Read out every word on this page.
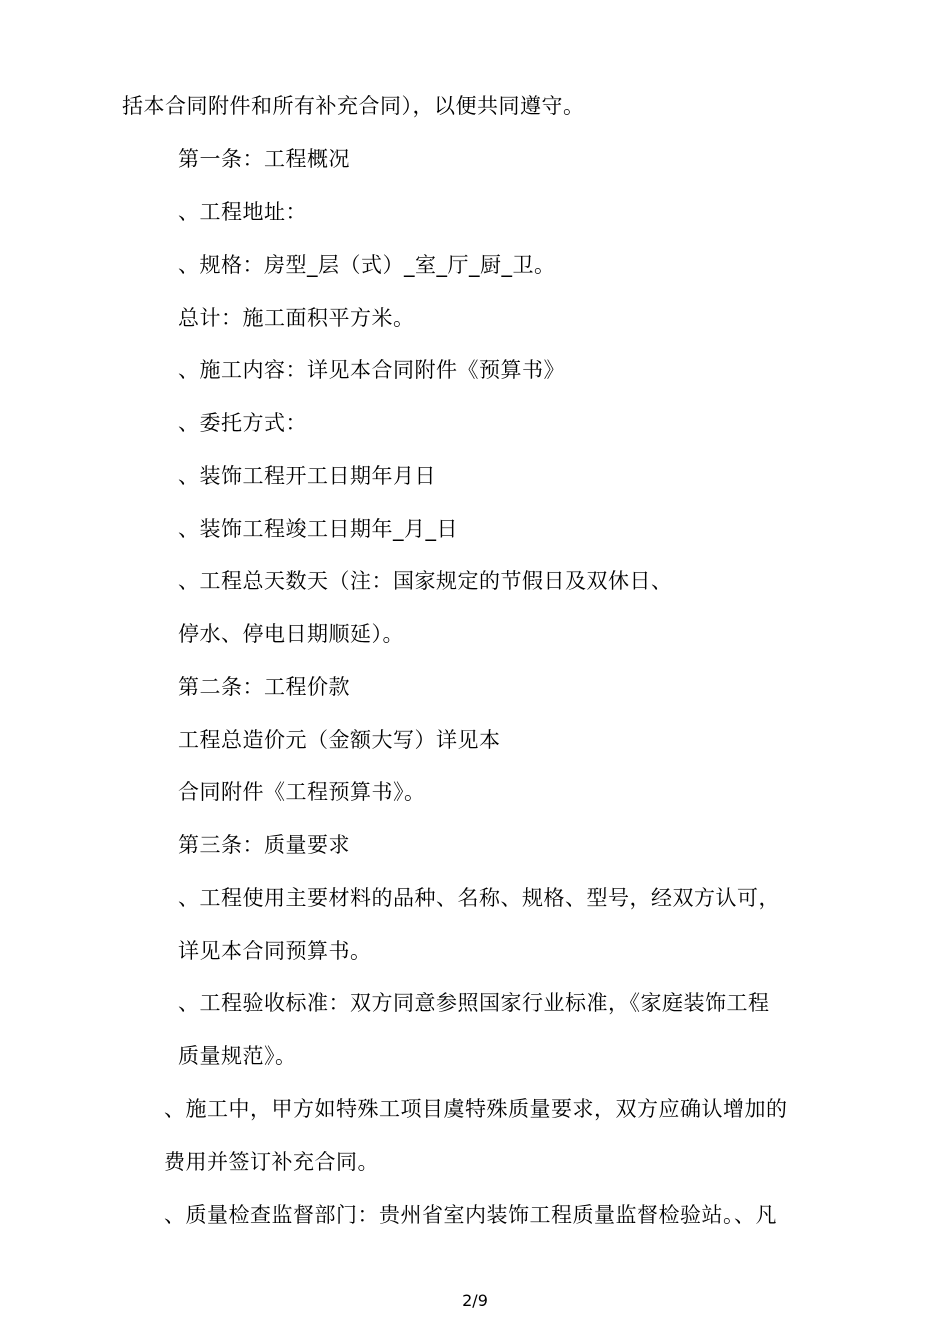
括本合同附件和所有补充合同），以便共同遵守。
第一条：工程概况
、工程地址：
、规格：房型_层（式）_室_厅_厨_卫。
总计：施工面积平方米。
、施工内容：详见本合同附件《预算书》
、委托方式：
、装饰工程开工日期年月日
、装饰工程竣工日期年_月_日
、工程总天数天（注：国家规定的节假日及双休日、
停水、停电日期顺延）。
第二条：工程价款
工程总造价元（金额大写）详见本
合同附件《工程预算书》。
第三条：质量要求
、工程使用主要材料的品种、名称、规格、型号，经双方认可，
详见本合同预算书。
、工程验收标准：双方同意参照国家行业标准，《家庭装饰工程
质量规范》。
、施工中，甲方如特殊工项目虞特殊质量要求，双方应确认增加的
费用并签订补充合同。
、质量检查监督部门：贵州省室内装饰工程质量监督检验站。、凡
2/9
